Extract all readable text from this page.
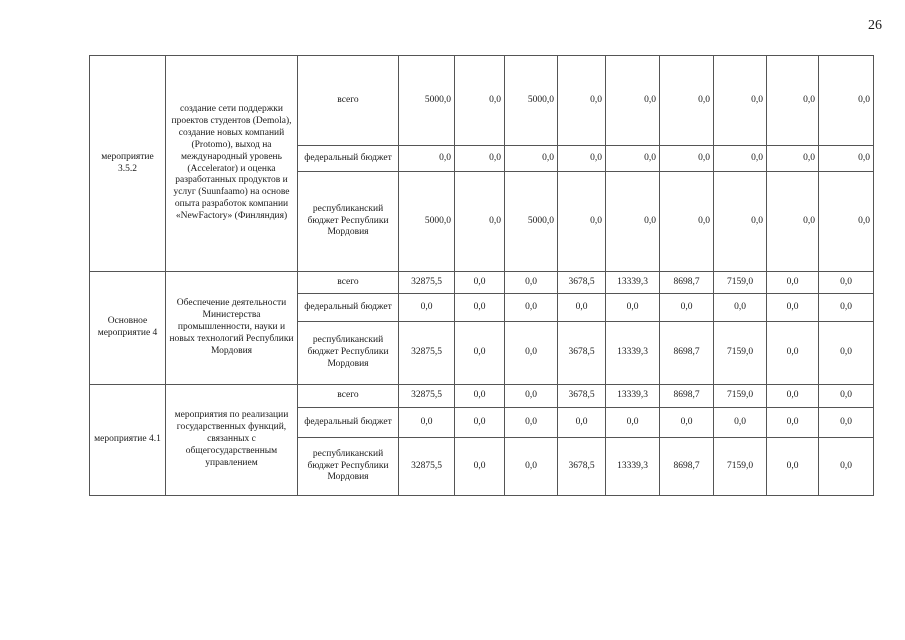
26
мероприятие 3.5.2	создание сети поддержки проектов студентов (Demola), создание новых компаний (Protomo), выход на международный уровень (Accelerator) и оценка разработанных продуктов и услуг (Suunfaamo) на основе опыта разработок компании «NewFactory» (Финляндия)	всего	5000,0	0,0	5000,0	0,0	0,0	0,0	0,0	0,0	0,0
		федеральный бюджет	0,0	0,0	0,0	0,0	0,0	0,0	0,0	0,0	0,0
		республиканский бюджет Республики Мордовия	5000,0	0,0	5000,0	0,0	0,0	0,0	0,0	0,0	0,0
Основное мероприятие 4	Обеспечение деятельности Министерства промышленности, науки и новых технологий Республики Мордовия	всего	32875,5	0,0	0,0	3678,5	13339,3	8698,7	7159,0	0,0	0,0
		федеральный бюджет	0,0	0,0	0,0	0,0	0,0	0,0	0,0	0,0	0,0
		республиканский бюджет Республики Мордовия	32875,5	0,0	0,0	3678,5	13339,3	8698,7	7159,0	0,0	0,0
мероприятие 4.1	мероприятия по реализации государственных функций, связанных с общегосударственным управлением	всего	32875,5	0,0	0,0	3678,5	13339,3	8698,7	7159,0	0,0	0,0
		федеральный бюджет	0,0	0,0	0,0	0,0	0,0	0,0	0,0	0,0	0,0
		республиканский бюджет Республики Мордовия	32875,5	0,0	0,0	3678,5	13339,3	8698,7	7159,0	0,0	0,0
